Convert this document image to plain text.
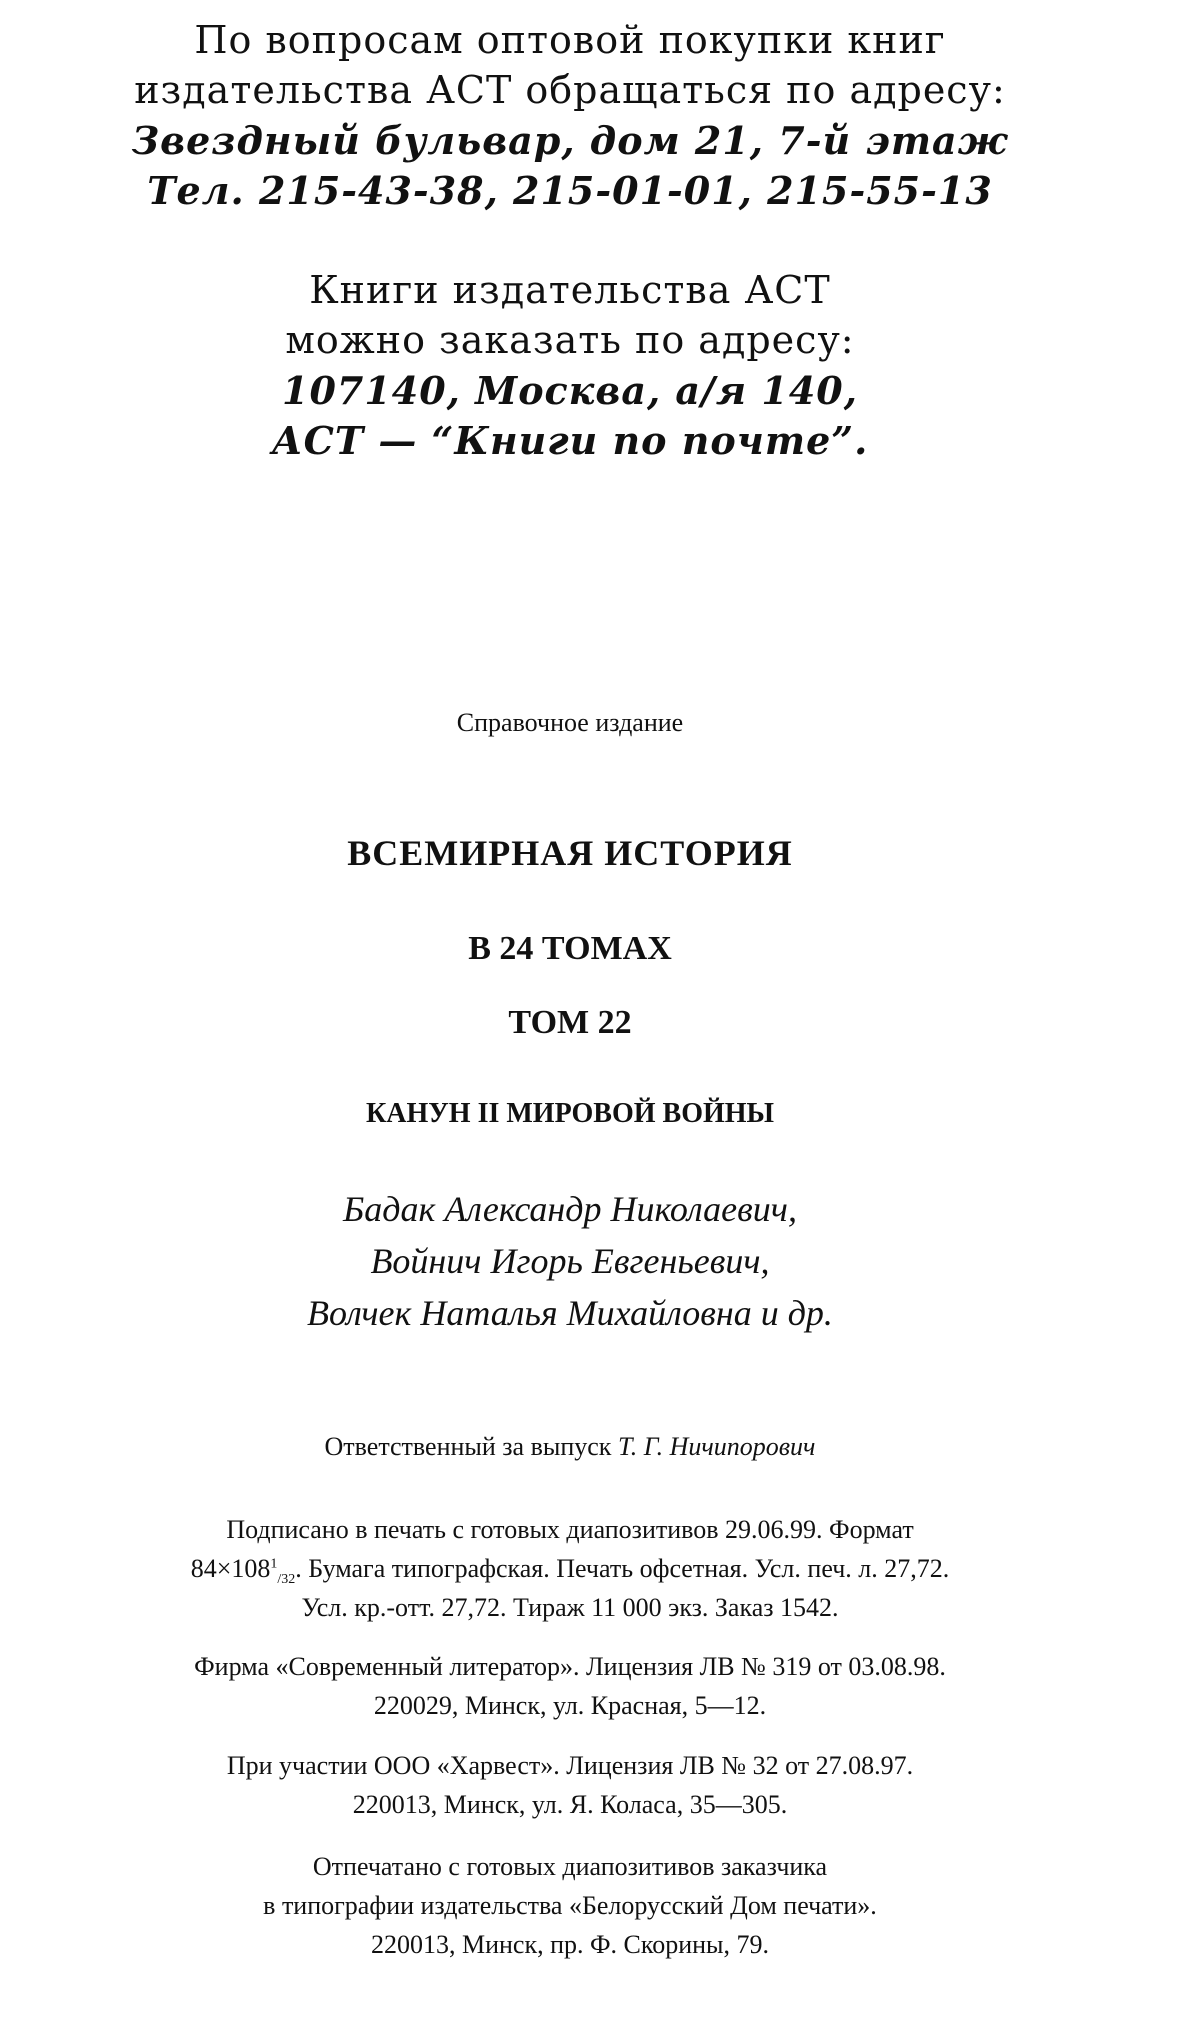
По вопросам оптовой покупки книг
издательства АСТ обращаться по адресу:
Звездный бульвар, дом 21, 7-й этаж
Тел. 215-43-38, 215-01-01, 215-55-13
Книги издательства АСТ
можно заказать по адресу:
107140, Москва, а/я 140,
АСТ — “Книги по почте”.
Справочное издание
ВСЕМИРНАЯ ИСТОРИЯ
В 24 ТОМАХ
ТОМ 22
КАНУН II МИРОВОЙ ВОЙНЫ
Бадак Александр Николаевич,
Войнич Игорь Евгеньевич,
Волчек Наталья Михайловна и др.
Ответственный за выпуск Т. Г. Ничипорович
Подписано в печать с готовых диапозитивов 29.06.99. Формат
$84\times 108^1_{/32}$. Бумага типографская. Печать офсетная. Усл. печ. л. 27,72.
Усл. кр.-отт. 27,72. Тираж 11 000 экз. Заказ 1542.
Фирма «Современный литератор». Лицензия ЛВ № 319 от 03.08.98.
220029, Минск, ул. Красная, 5—12.
При участии ООО «Харвест». Лицензия ЛВ № 32 от 27.08.97.
220013, Минск, ул. Я. Коласа, 35—305.
Отпечатано с готовых диапозитивов заказчика
в типографии издательства «Белорусский Дом печати».
220013, Минск, пр. Ф. Скорины, 79.
